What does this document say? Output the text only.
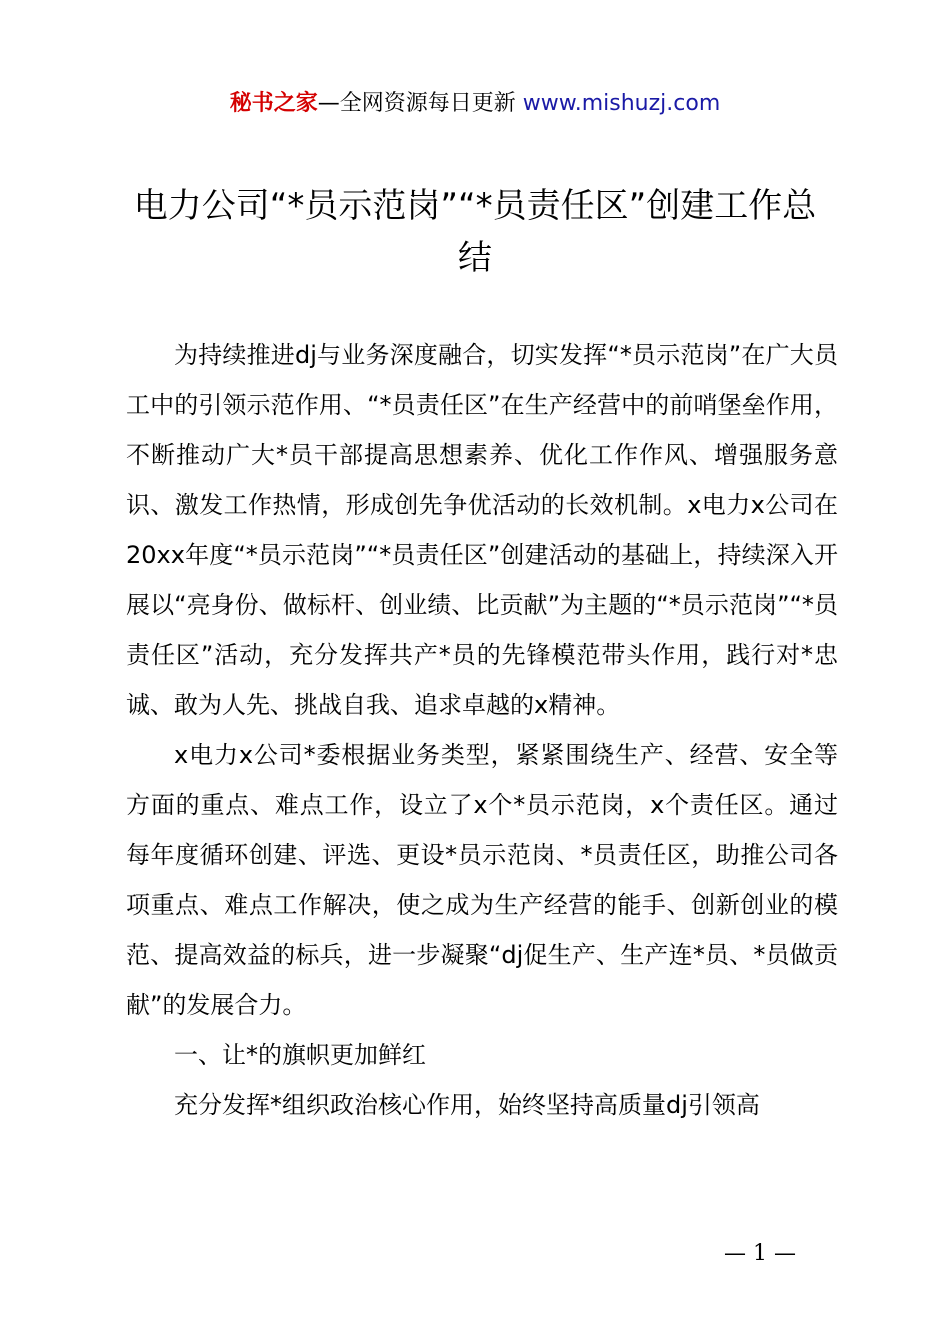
秘书之家—全网资源每日更新 www.mishuzj.com
电力公司“*员示范岗”“*员责任区”创建工作总结

为持续推进dj与业务深度融合，切实发挥“*员示范岗”在广大员工中的引领示范作用、“*员责任区”在生产经营中的前哨堡垒作用，不断推动广大*员干部提高思想素养、优化工作作风、增强服务意识、激发工作热情，形成创先争优活动的长效机制。x电力x公司在20xx年度“*员示范岗”“*员责任区”创建活动的基础上，持续深入开展以“亮身份、做标杆、创业绩、比贡献”为主题的“*员示范岗”“*员责任区”活动，充分发挥共产*员的先锋模范带头作用，践行对*忠诚、敢为人先、挑战自我、追求卓越的x精神。

x电力x公司*委根据业务类型，紧紧围绕生产、经营、安全等方面的重点、难点工作，设立了x个*员示范岗，x个责任区。通过每年度循环创建、评选、更设*员示范岗、*员责任区，助推公司各项重点、难点工作解决，使之成为生产经营的能手、创新创业的模范、提高效益的标兵，进一步凝聚“dj促生产、生产连*员、*员做贡献”的发展合力。

一、让*的旗帜更加鲜红

充分发挥*组织政治核心作用，始终坚持高质量dj引领高

— 1 —
